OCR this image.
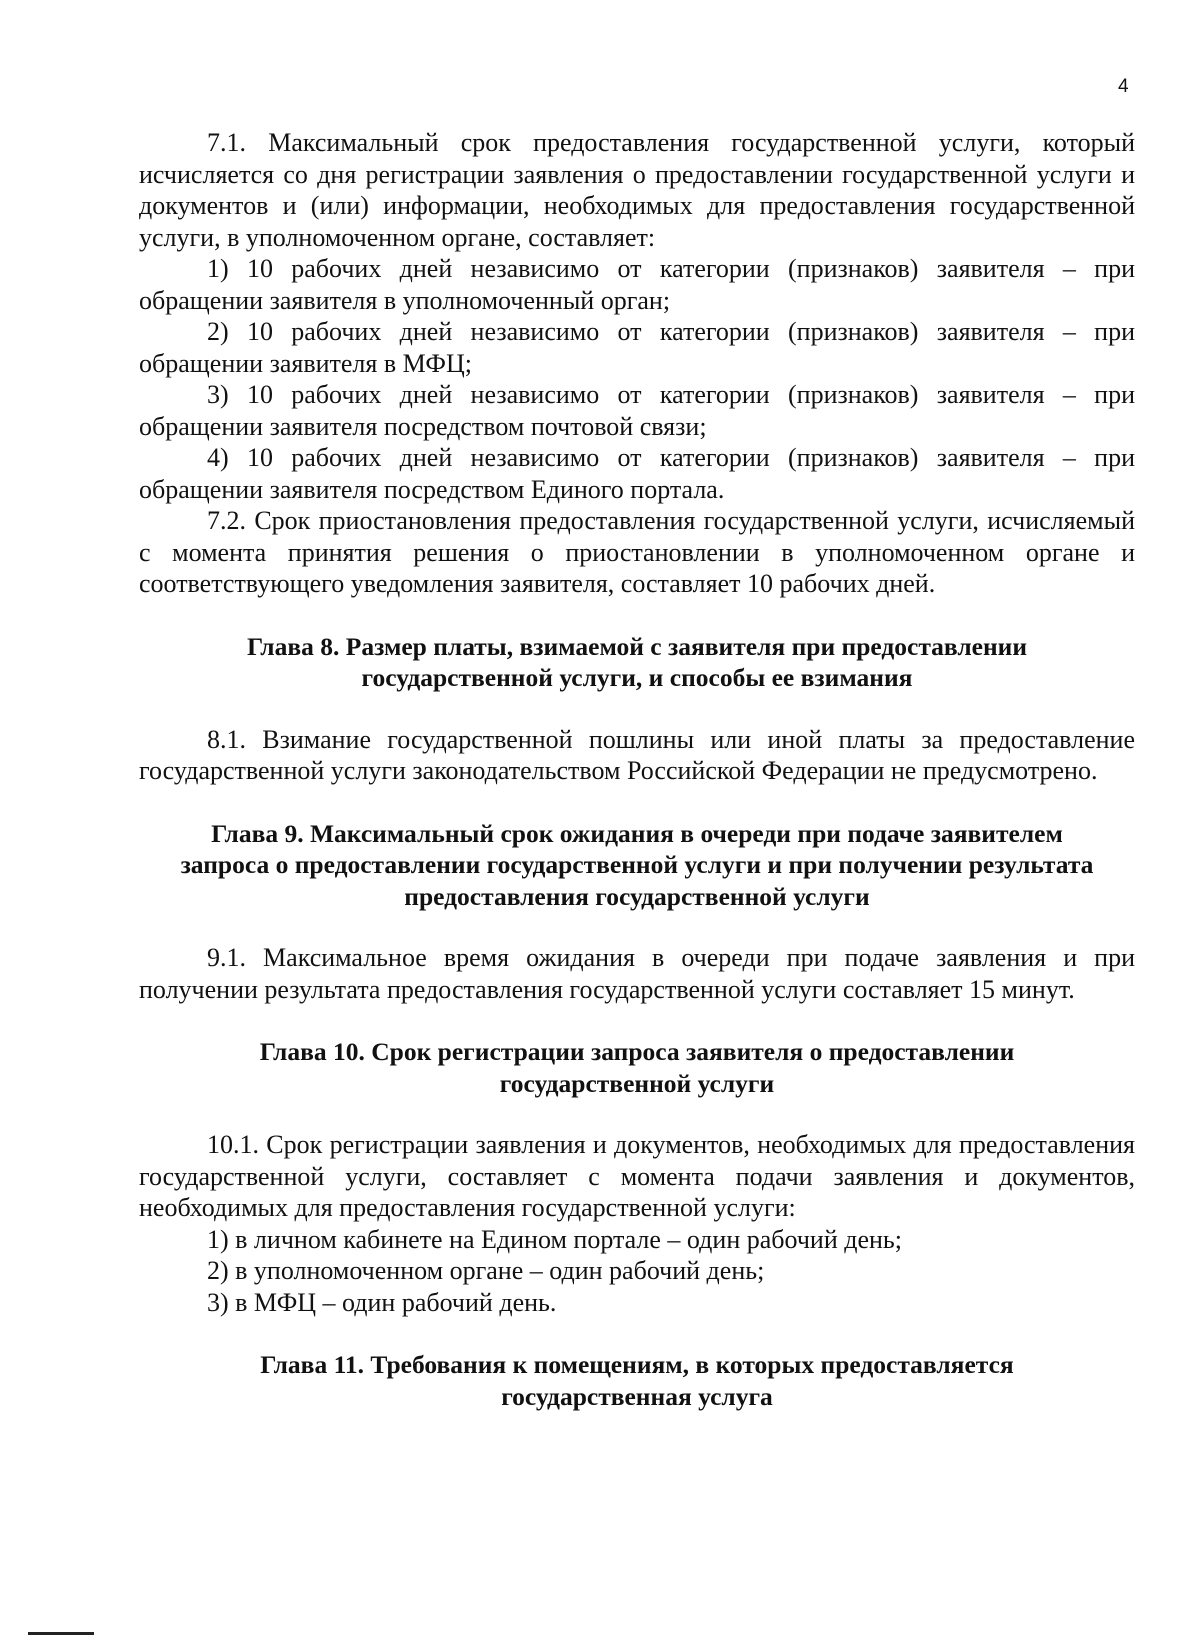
4

7.1. Максимальный срок предоставления государственной услуги, который исчисляется со дня регистрации заявления о предоставлении государственной услуги и документов и (или) информации, необходимых для предоставления государственной услуги, в уполномоченном органе, составляет:

1) 10 рабочих дней независимо от категории (признаков) заявителя – при обращении заявителя в уполномоченный орган;

2) 10 рабочих дней независимо от категории (признаков) заявителя – при обращении заявителя в МФЦ;

3) 10 рабочих дней независимо от категории (признаков) заявителя – при обращении заявителя посредством почтовой связи;

4) 10 рабочих дней независимо от категории (признаков) заявителя – при обращении заявителя посредством Единого портала.

7.2. Срок приостановления предоставления государственной услуги, исчисляемый с момента принятия решения о приостановлении в уполномоченном органе и соответствующего уведомления заявителя, составляет 10 рабочих дней.

Глава 8. Размер платы, взимаемой с заявителя при предоставлении
государственной услуги, и способы ее взимания

8.1. Взимание государственной пошлины или иной платы за предоставление государственной услуги законодательством Российской Федерации не предусмотрено.

Глава 9. Максимальный срок ожидания в очереди при подаче заявителем
запроса о предоставлении государственной услуги и при получении результата
предоставления государственной услуги

9.1. Максимальное время ожидания в очереди при подаче заявления и при получении результата предоставления государственной услуги составляет 15 минут.

Глава 10. Срок регистрации запроса заявителя о предоставлении
государственной услуги

10.1. Срок регистрации заявления и документов, необходимых для предоставления государственной услуги, составляет с момента подачи заявления и документов, необходимых для предоставления государственной услуги:

1) в личном кабинете на Едином портале – один рабочий день;

2) в уполномоченном органе – один рабочий день;

3) в МФЦ – один рабочий день.

Глава 11. Требования к помещениям, в которых предоставляется
государственная услуга
